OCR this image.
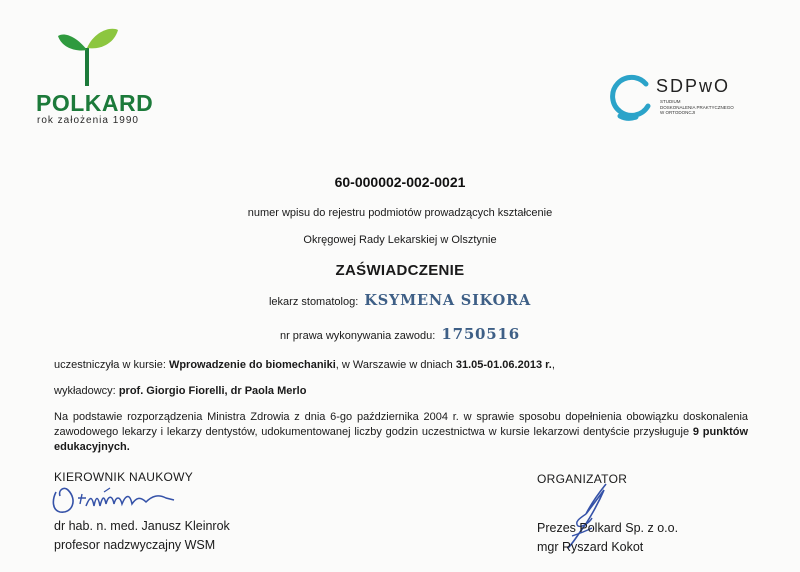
POLKARD
rok założenia 1990
SDPwO
STUDIUM
DOSKONALENIA PRAKTYCZNEGO
W ORTODONCJI
60-000002-002-0021
numer wpisu do rejestru podmiotów prowadzących kształcenie
Okręgowej Rady Lekarskiej w Olsztynie
ZAŚWIADCZENIE
lekarz stomatolog: KSYMENA SIKORA
nr prawa wykonywania zawodu: 1750516
uczestniczyła w kursie: Wprowadzenie do biomechaniki, w Warszawie w dniach 31.05-01.06.2013 r.,
wykładowcy: prof. Giorgio Fiorelli, dr Paola Merlo
Na podstawie rozporządzenia Ministra Zdrowia z dnia 6-go października 2004 r. w sprawie sposobu dopełnienia obowiązku doskonalenia zawodowego lekarzy i lekarzy dentystów, udokumentowanej liczby godzin uczestnictwa w kursie lekarzowi dentyście przysługuje 9 punktów edukacyjnych.
KIEROWNIK NAUKOWY
dr hab. n. med. Janusz Kleinrok
profesor nadzwyczajny WSM
ORGANIZATOR
Prezes Polkard Sp. z o.o.
mgr Ryszard Kokot
